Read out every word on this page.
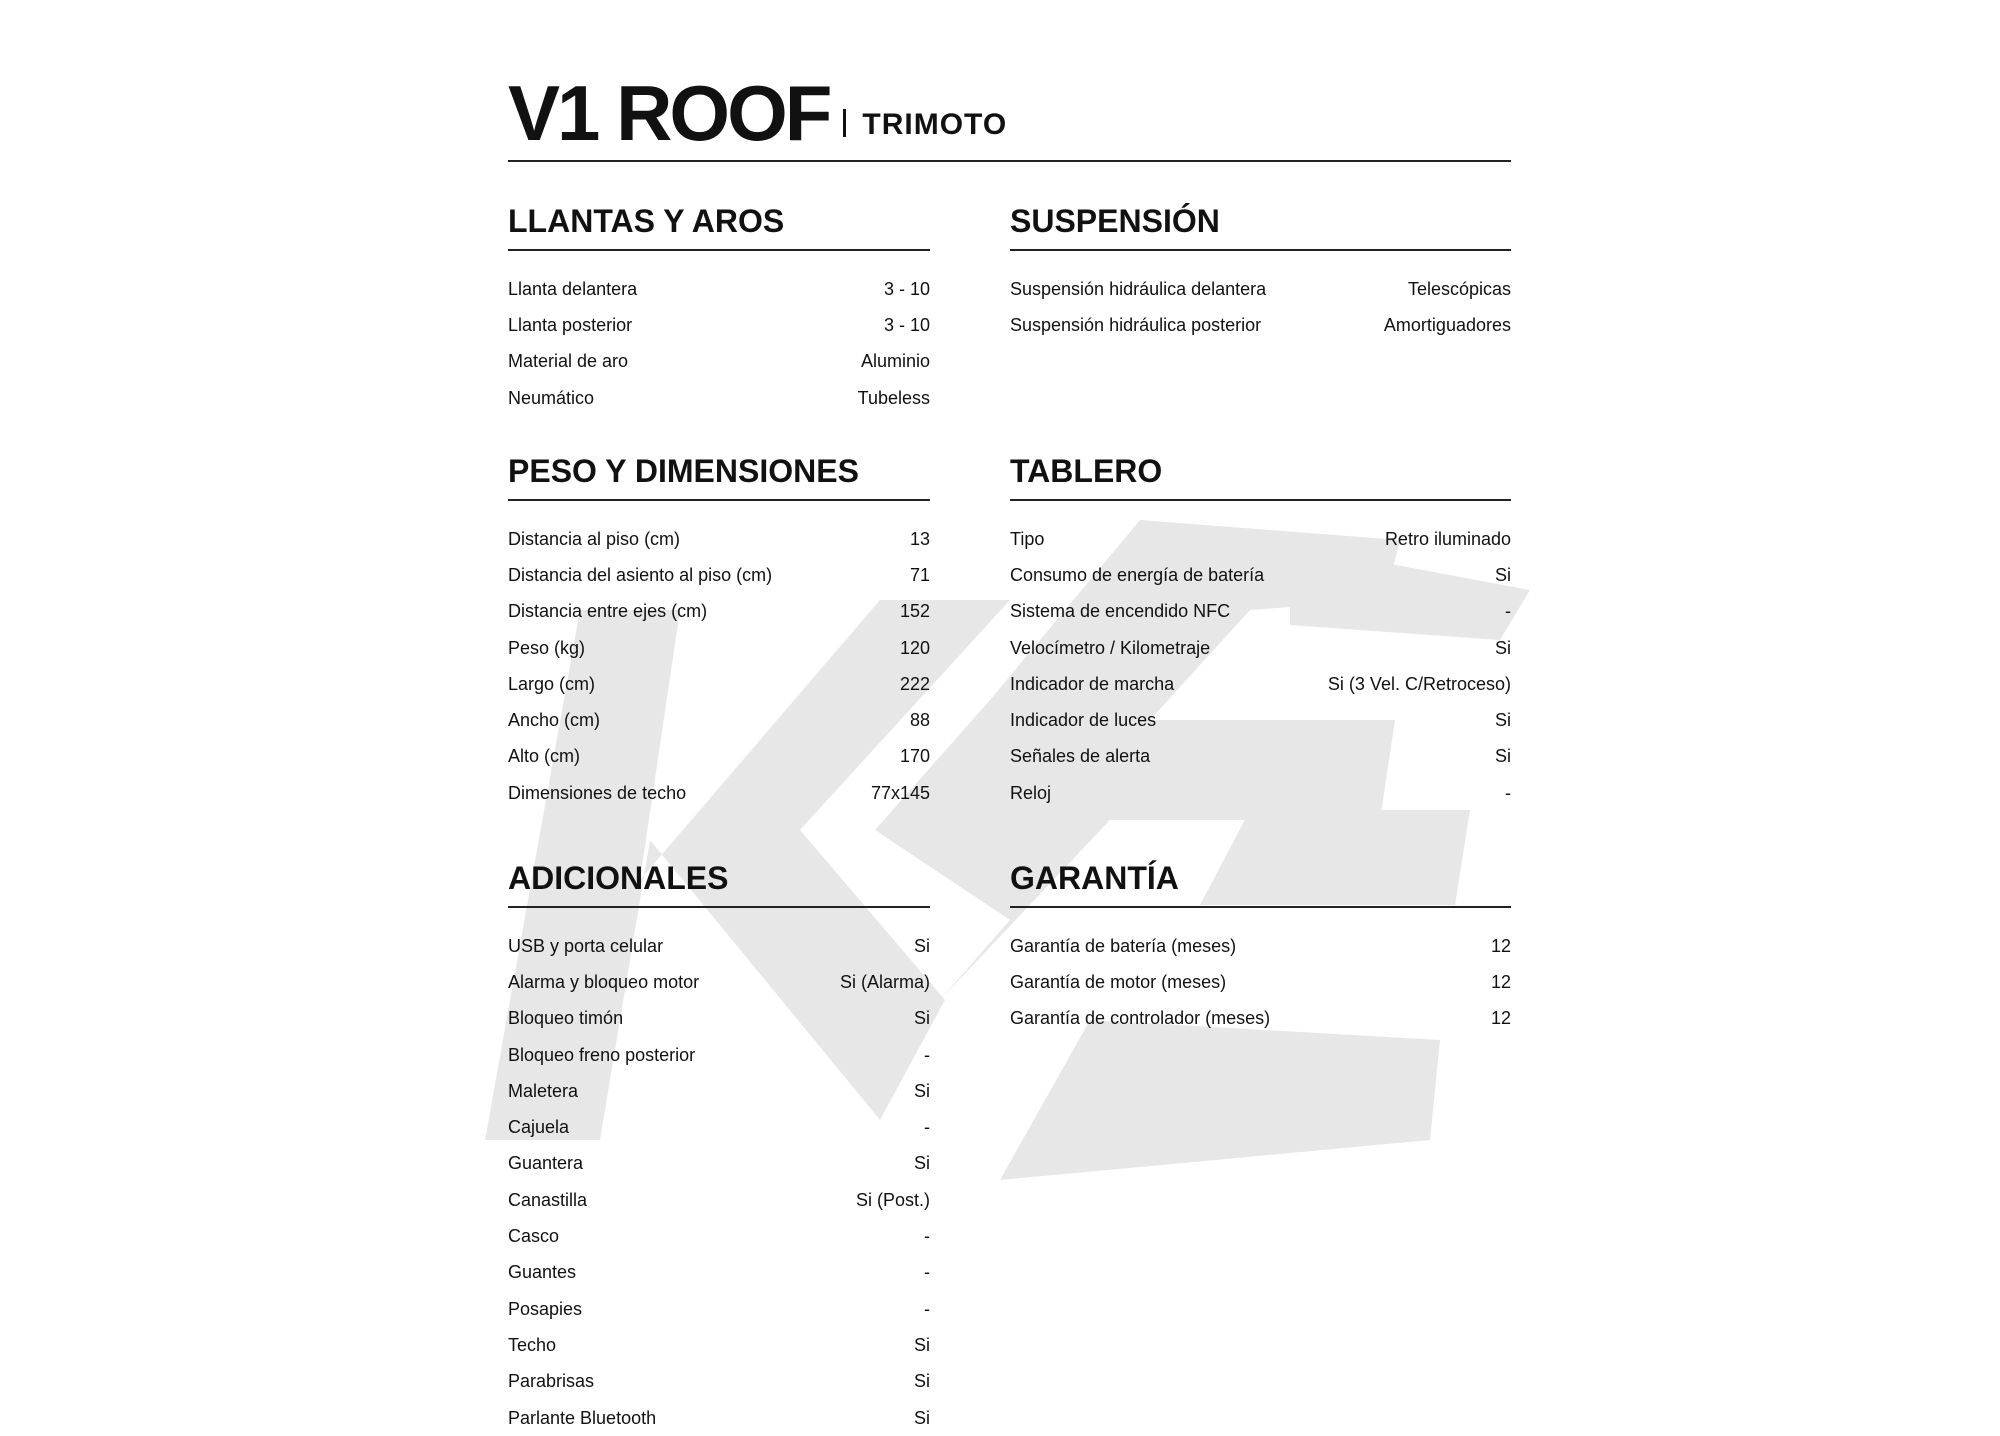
V1 ROOF	TRIMOTO
LLANTAS Y AROS
Llanta delantera	3 - 10
Llanta posterior	3 - 10
Material de aro	Aluminio
Neumático	Tubeless
SUSPENSIÓN
Suspensión hidráulica delantera	Telescópicas
Suspensión hidráulica posterior	Amortiguadores
PESO Y DIMENSIONES
Distancia al piso (cm)	13
Distancia del asiento al piso (cm)	71
Distancia entre ejes (cm)	152
Peso (kg)	120
Largo (cm)	222
Ancho (cm)	88
Alto (cm)	170
Dimensiones de techo	77x145
TABLERO
Tipo	Retro iluminado
Consumo de energía de batería	Si
Sistema de encendido NFC	-
Velocímetro / Kilometraje	Si
Indicador de marcha	Si (3 Vel. C/Retroceso)
Indicador de luces	Si
Señales de alerta	Si
Reloj	-
ADICIONALES
USB y porta celular	Si
Alarma y bloqueo motor	Si (Alarma)
Bloqueo timón	Si
Bloqueo freno posterior	-
Maletera	Si
Cajuela	-
Guantera	Si
Canastilla	Si (Post.)
Casco	-
Guantes	-
Posapies	-
Techo	Si
Parabrisas	Si
Parlante Bluetooth	Si
GARANTÍA
Garantía de batería (meses)	12
Garantía de motor (meses)	12
Garantía de controlador (meses)	12
